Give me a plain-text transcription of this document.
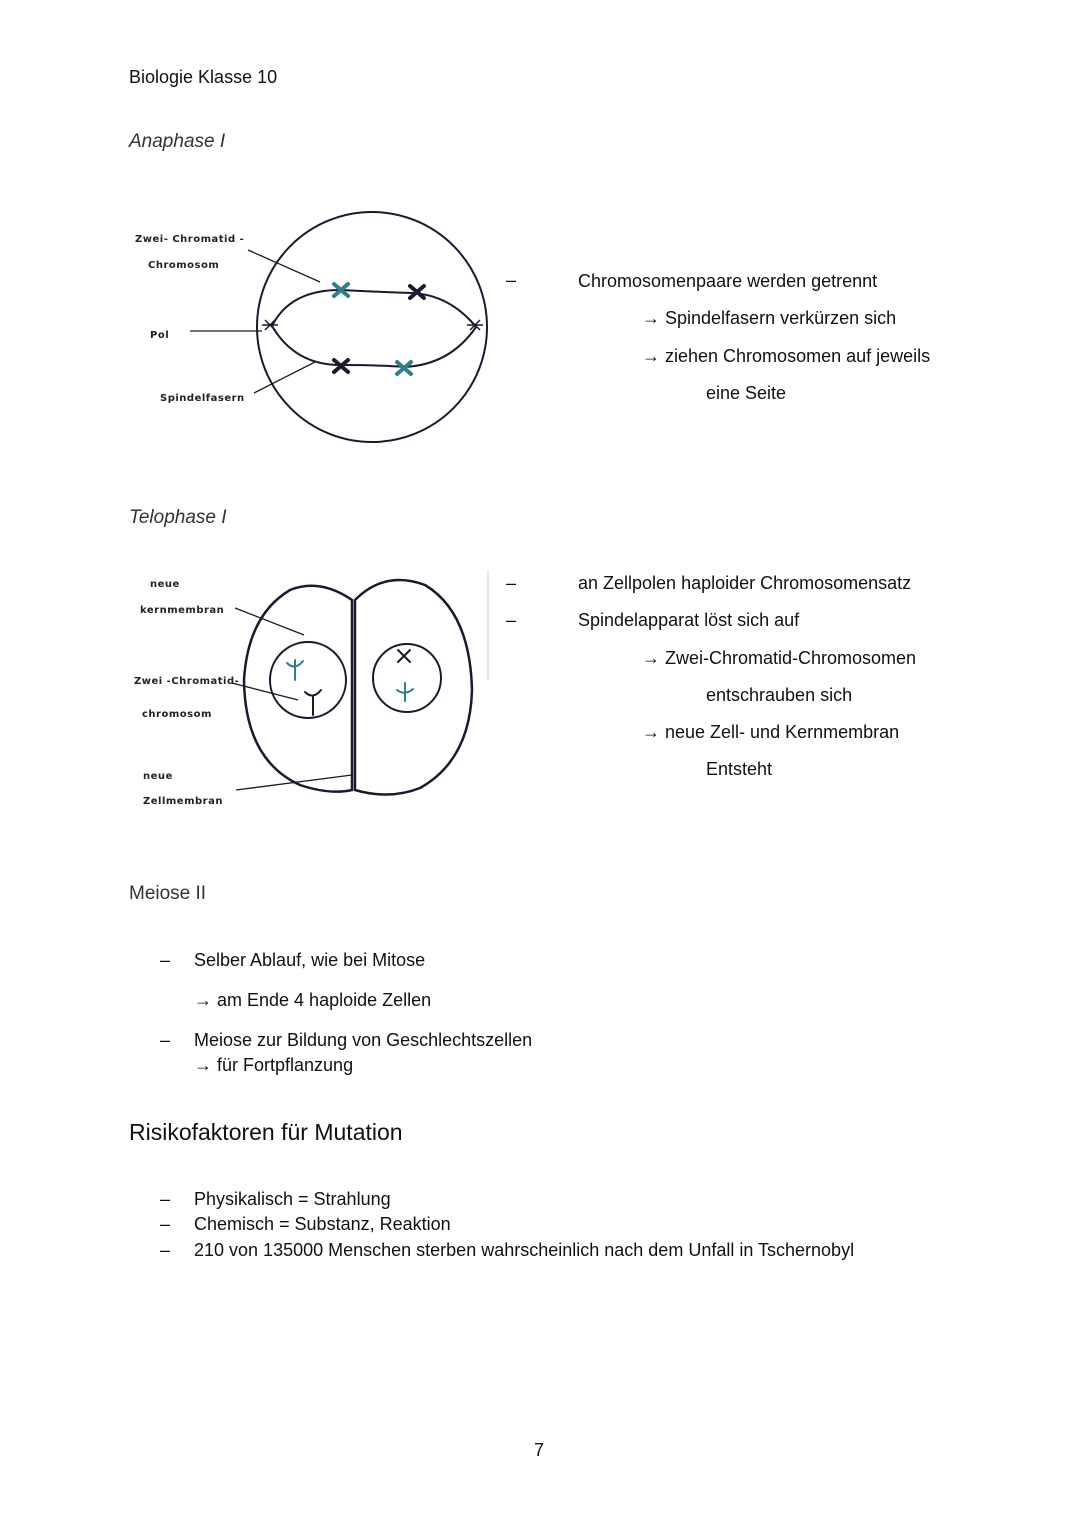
Biologie Klasse 10
Anaphase I
Zwei- Chromatid -
Chromosom
Pol
Spindelfasern
–	Chromosomenpaare werden getrennt
→ Spindelfasern verkürzen sich
→ ziehen Chromosomen auf jeweils
eine Seite
Telophase I
neue
kernmembran
Zwei -Chromatid-
chromosom
neue
Zellmembran
–
–
an Zellpolen haploider Chromosomensatz
Spindelapparat löst sich auf
→ Zwei-Chromatid-Chromosomen
entschrauben sich
→ neue Zell- und Kernmembran
Entsteht
Meiose II
– Selber Ablauf, wie bei Mitose
→ am Ende 4 haploide Zellen
– Meiose zur Bildung von Geschlechtszellen
→ für Fortpflanzung
Risikofaktoren für Mutation
– Physikalisch = Strahlung
– Chemisch = Substanz, Reaktion
– 210 von 135000 Menschen sterben wahrscheinlich nach dem Unfall in Tschernobyl
7
